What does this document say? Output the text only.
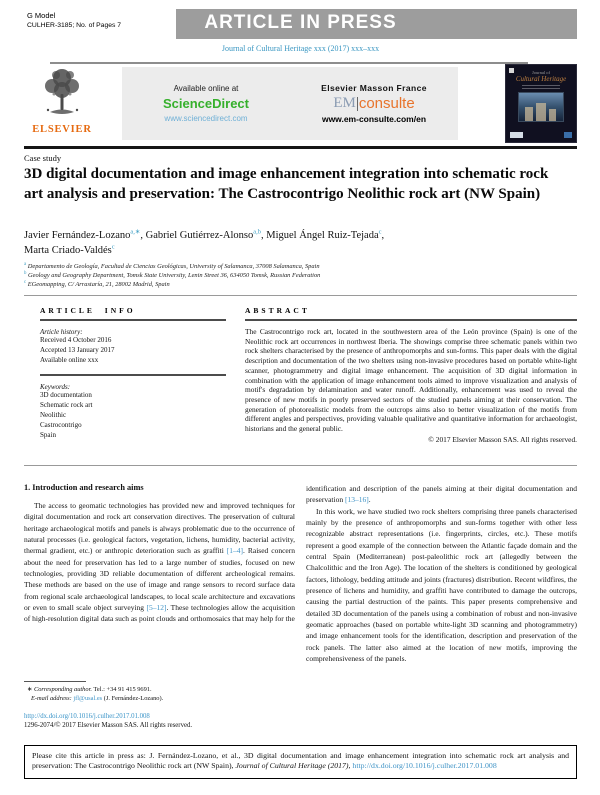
ARTICLE IN PRESS
G Model
CULHER-3185; No. of Pages 7
Journal of Cultural Heritage xxx (2017) xxx–xxx
ELSEVIER
Available online at
ScienceDirect
www.sciencedirect.com
Elsevier Masson France
EM consulte
www.em-consulte.com/en
Journal of
Cultural Heritage
Case study
3D digital documentation and image enhancement integration into schematic rock art analysis and preservation: The Castrocontrigo Neolithic rock art (NW Spain)
Javier Fernández-Lozano$^{a,∗}$, Gabriel Gutiérrez-Alonso$^{a,b}$, Miguel Ángel Ruiz-Tejada$^c$,
Marta Criado-Valdés$^c$
$^a$ Departamento de Geología, Facultad de Ciencias Geológicas, University of Salamanca, 37008 Salamanca, Spain
$^b$ Geology and Geography Department, Tomsk State University, Lenin Street 36, 634050 Tomsk, Russian Federation
$^c$ EGeomapping, C/ Arrastaría, 21, 28002 Madrid, Spain
ARTICLE INFO
Article history:
Received 4 October 2016
Accepted 13 January 2017
Available online xxx
Keywords:
3D documentation
Schematic rock art
Neolithic
Castrocontrigo
Spain
ABSTRACT
The Castrocontrigo rock art, located in the southwestern area of the León province (Spain) is one of the Neolithic rock art occurrences in northwest Iberia. The showings comprise three schematic panels within two rock shelters characterised by the presence of anthropomorphs and sun-forms. This paper deals with the digital description and documentation of the two shelters using non-invasive procedures based on portable white-light scanner, photogrammetry and digital image enhancement. The acquisition of 3D digital information in combination with the application of image enhancement tools aimed to improve visualization and analysis of motif's degradation by delamination and water runoff. Additionally, enhancement was used to reveal the presence of new motifs in poorly preserved sectors of the studied panels aiming at their conservation. The generation of photorealistic models from the outcrops aims also to better visualization of the motifs from different angles and perspectives, providing valuable qualitative and quantitative information for archaeologist, historians and the general public.
© 2017 Elsevier Masson SAS. All rights reserved.
1. Introduction and research aims
The access to geomatic technologies has provided new and improved techniques for digital documentation and rock art conservation directives. The preservation of cultural heritage archaeological motifs and panels is always problematic due to the occurrence of natural processes (i.e. geological factors, vegetation, lichens, humidity, bacterial activity, thermal gradient, etc.) or anthropic deterioration such as graffiti [1–4]. Raised concern about the need for preservation has led to a large number of studies, focused on new technologies, providing 3D reliable documentation of different archeological remains. These methods are based on the use of image and range sensors to record surface data from regional scale archaeological landscapes, to local scale architecture and excavations or even to small scale object surveying [5–12]. These technologies allow the acquisition of high-resolution digital data such as point clouds and orthomosaics that may help for the
identification and description of the panels aiming at their digital documentation and preservation [13–16].
In this work, we have studied two rock shelters comprising three panels characterised mainly by the presence of anthropomorphs and sun-forms together with other less recognizable abstract representations (i.e. fingerprints, circles, etc.). These motifs represent a good example of the connection between the Atlantic façade domain and the central Spain (Mediterranean) post-paleolithic rock art (allegedly between the Chalcolithic and the Iron Age). The location of the shelters is conditioned by geological factors, lithology, bedding attitude and joints (fractures) distribution. Recent wildfires, the presence of lichens and humidity, and graffiti have contributed to damage the outcrops, causing the partial destruction of the paints. This paper presents comprehensive and detailed 3D documentation of the panels using a combination of robust and non-invasive geomatic approaches (based on portable white-light 3D scanning and photogrammetry) and image enhancement tools for the identification, description and preservation of the rock panels. The latter also aimed at the location of new motifs, improving the comprehensiveness of the panels.
∗ Corresponding author. Tel.: +34 91 415 9691.
E-mail address: jfl@usal.es (J. Fernández-Lozano).
http://dx.doi.org/10.1016/j.culher.2017.01.008
1296-2074/© 2017 Elsevier Masson SAS. All rights reserved.
Please cite this article in press as: J. Fernández-Lozano, et al., 3D digital documentation and image enhancement integration into schematic rock art analysis and preservation: The Castrocontrigo Neolithic rock art (NW Spain), Journal of Cultural Heritage (2017), http://dx.doi.org/10.1016/j.culher.2017.01.008
